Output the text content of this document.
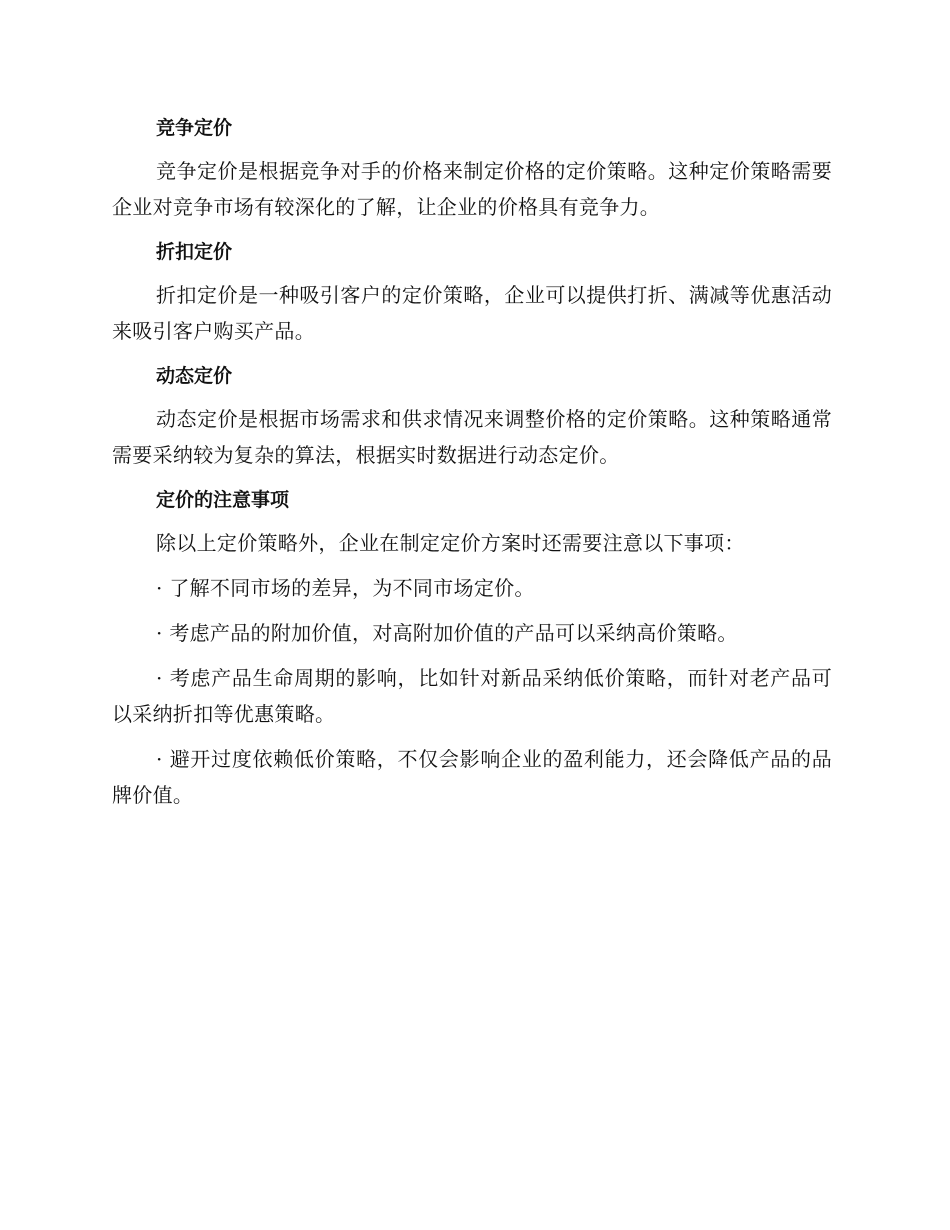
竞争定价

竞争定价是根据竞争对手的价格来制定价格的定价策略。这种定价策略需要企业对竞争市场有较深化的了解，让企业的价格具有竞争力。

折扣定价

折扣定价是一种吸引客户的定价策略，企业可以提供打折、满减等优惠活动来吸引客户购买产品。

动态定价

动态定价是根据市场需求和供求情况来调整价格的定价策略。这种策略通常需要采纳较为复杂的算法，根据实时数据进行动态定价。

定价的注意事项

除以上定价策略外，企业在制定定价方案时还需要注意以下事项：

· 了解不同市场的差异，为不同市场定价。

· 考虑产品的附加价值，对高附加价值的产品可以采纳高价策略。

· 考虑产品生命周期的影响，比如针对新品采纳低价策略，而针对老产品可以采纳折扣等优惠策略。

· 避开过度依赖低价策略，不仅会影响企业的盈利能力，还会降低产品的品牌价值。
